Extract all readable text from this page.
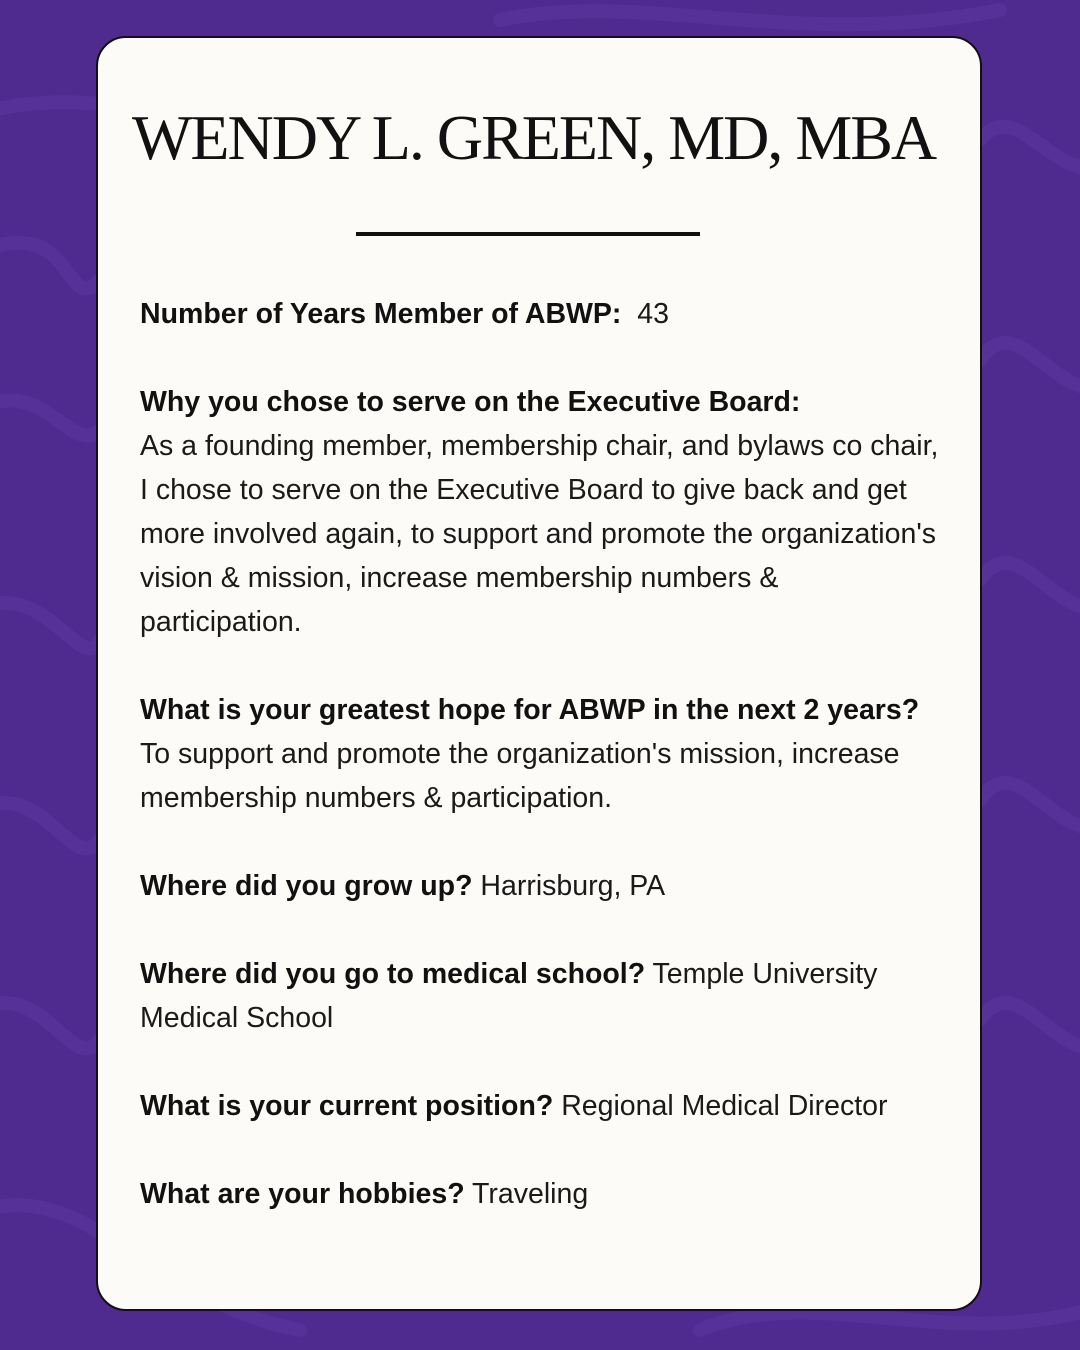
WENDY L. GREEN, MD, MBA

Number of Years Member of ABWP: 43

Why you chose to serve on the Executive Board:
As a founding member, membership chair, and bylaws co chair, I chose to serve on the Executive Board to give back and get more involved again, to support and promote the organization's vision & mission, increase membership numbers & participation.

What is your greatest hope for ABWP in the next 2 years? To support and promote the organization's mission, increase membership numbers & participation.

Where did you grow up? Harrisburg, PA

Where did you go to medical school? Temple University Medical School

What is your current position? Regional Medical Director

What are your hobbies? Traveling
